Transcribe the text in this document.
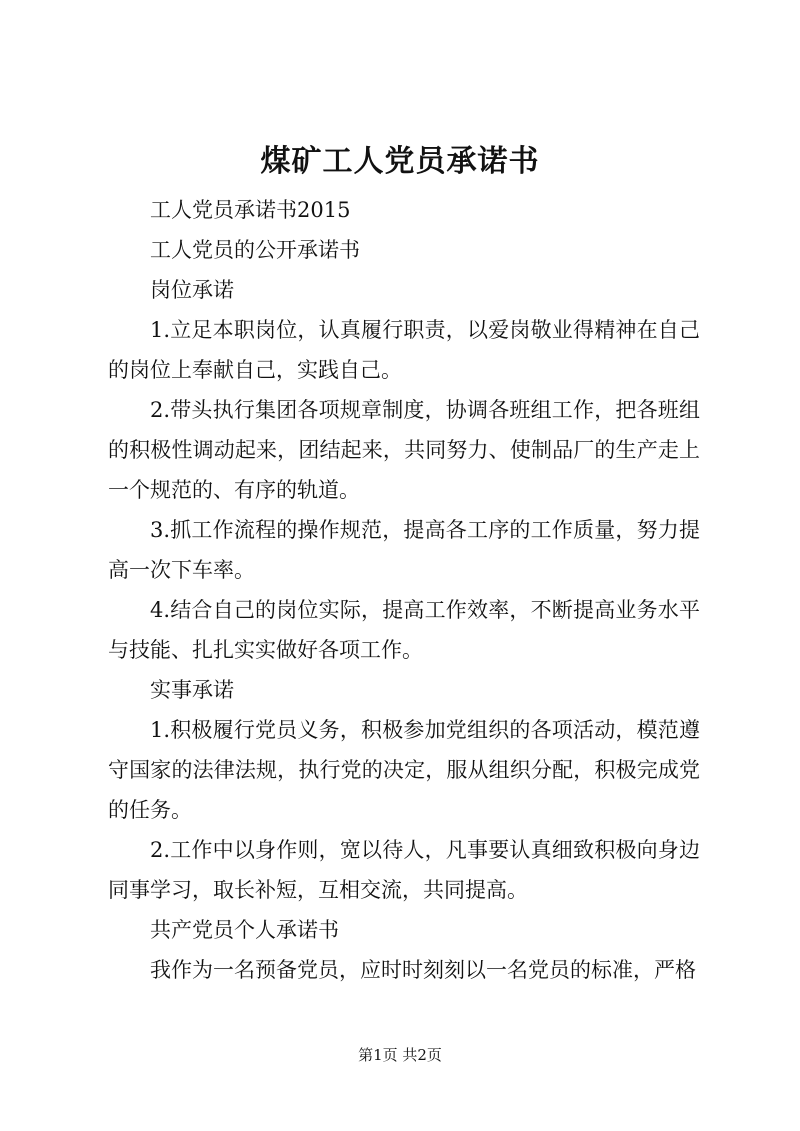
煤矿工人党员承诺书

工人党员承诺书2015

工人党员的公开承诺书

岗位承诺

1.立足本职岗位，认真履行职责，以爱岗敬业得精神在自己的岗位上奉献自己，实践自己。

2.带头执行集团各项规章制度，协调各班组工作，把各班组的积极性调动起来，团结起来，共同努力、使制品厂的生产走上一个规范的、有序的轨道。

3.抓工作流程的操作规范，提高各工序的工作质量，努力提高一次下车率。

4.结合自己的岗位实际，提高工作效率，不断提高业务水平与技能、扎扎实实做好各项工作。

实事承诺

1.积极履行党员义务，积极参加党组织的各项活动，模范遵守国家的法律法规，执行党的决定，服从组织分配，积极完成党的任务。

2.工作中以身作则，宽以待人，凡事要认真细致积极向身边同事学习，取长补短，互相交流，共同提高。

共产党员个人承诺书

我作为一名预备党员，应时时刻刻以一名党员的标准，严格

第1页 共2页
